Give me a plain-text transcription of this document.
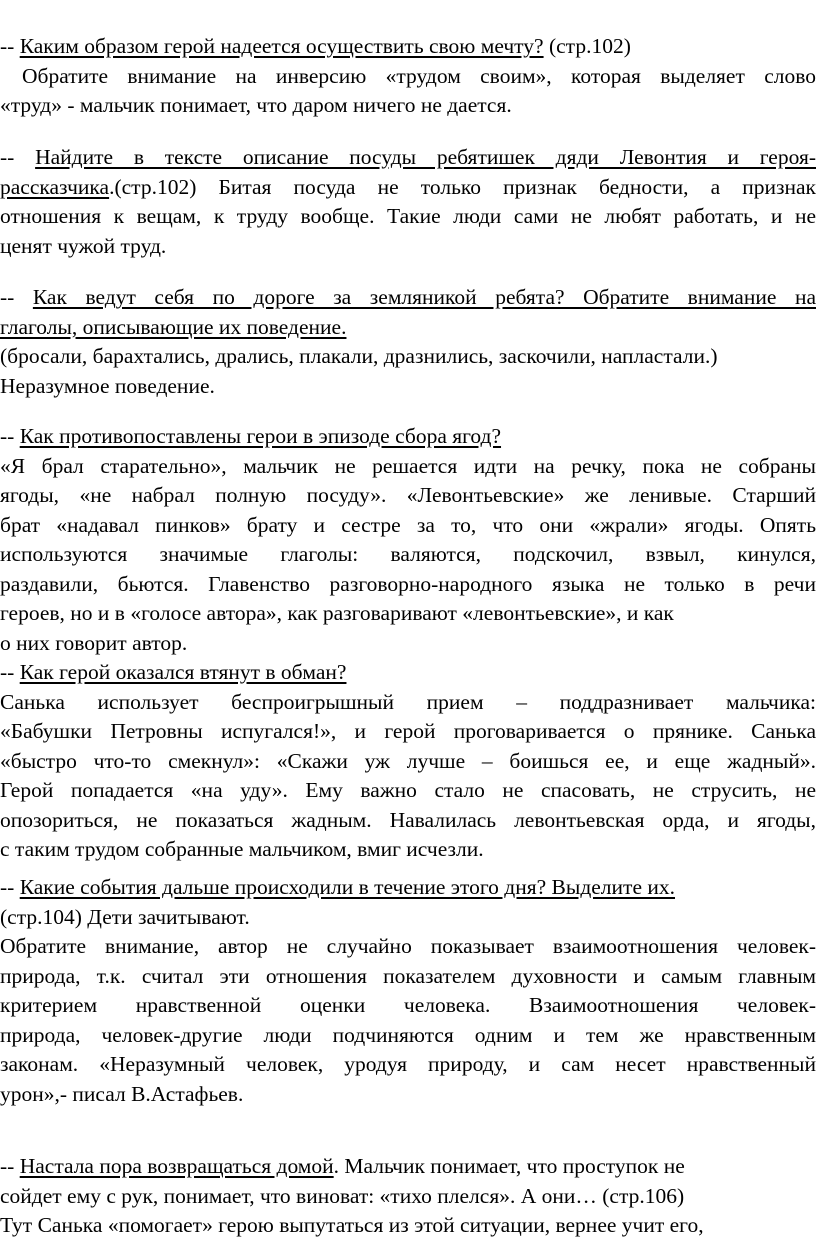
-- Каким образом герой надеется осуществить свою мечту? (стр.102)
Обратите внимание на инверсию «трудом своим», которая выделяет слово
«труд» - мальчик понимает, что даром ничего не дается.
-- Найдите в тексте описание посуды ребятишек дяди Левонтия и героя-
рассказчика.(стр.102) Битая посуда не только признак бедности, а признак
отношения к вещам, к труду вообще. Такие люди сами не любят работать, и не
ценят чужой труд.
-- Как ведут себя по дороге за земляникой ребята? Обратите внимание на
глаголы, описывающие их поведение.
(бросали, барахтались, дрались, плакали, дразнились, заскочили, напластали.)
Неразумное поведение.
-- Как противопоставлены герои в эпизоде сбора ягод?
«Я брал старательно», мальчик не решается идти на речку, пока не собраны
ягоды, «не набрал полную посуду». «Левонтьевские» же ленивые. Старший
брат «надавал пинков» брату и сестре за то, что они «жрали» ягоды. Опять
используются значимые глаголы: валяются, подскочил, взвыл, кинулся,
раздавили, бьются. Главенство разговорно-народного языка не только в речи
героев, но и в «голосе автора», как разговаривают «левонтьевские», и как
о них говорит автор.
-- Как герой оказался втянут в обман?
Санька использует беспроигрышный прием – поддразнивает мальчика:
«Бабушки Петровны испугался!», и герой проговаривается о прянике. Санька
«быстро что-то смекнул»: «Скажи уж лучше – боишься ее, и еще жадный».
Герой попадается «на уду». Ему важно стало не спасовать, не струсить, не
опозориться, не показаться жадным. Навалилась левонтьевская орда, и ягоды,
с таким трудом собранные мальчиком, вмиг исчезли.
-- Какие события дальше происходили в течение этого дня? Выделите их.
(стр.104) Дети зачитывают.
Обратите внимание, автор не случайно показывает взаимоотношения человек-
природа, т.к. считал эти отношения показателем духовности и самым главным
критерием нравственной оценки человека. Взаимоотношения человек-
природа, человек-другие люди подчиняются одним и тем же нравственным
законам. «Неразумный человек, уродуя природу, и сам несет нравственный
урон»,- писал В.Астафьев.
-- Настала пора возвращаться домой. Мальчик понимает, что проступок не
сойдет ему с рук, понимает, что виноват: «тихо плелся». А они… (стр.106)
Тут Санька «помогает» герою выпутаться из этой ситуации, вернее учит его,
